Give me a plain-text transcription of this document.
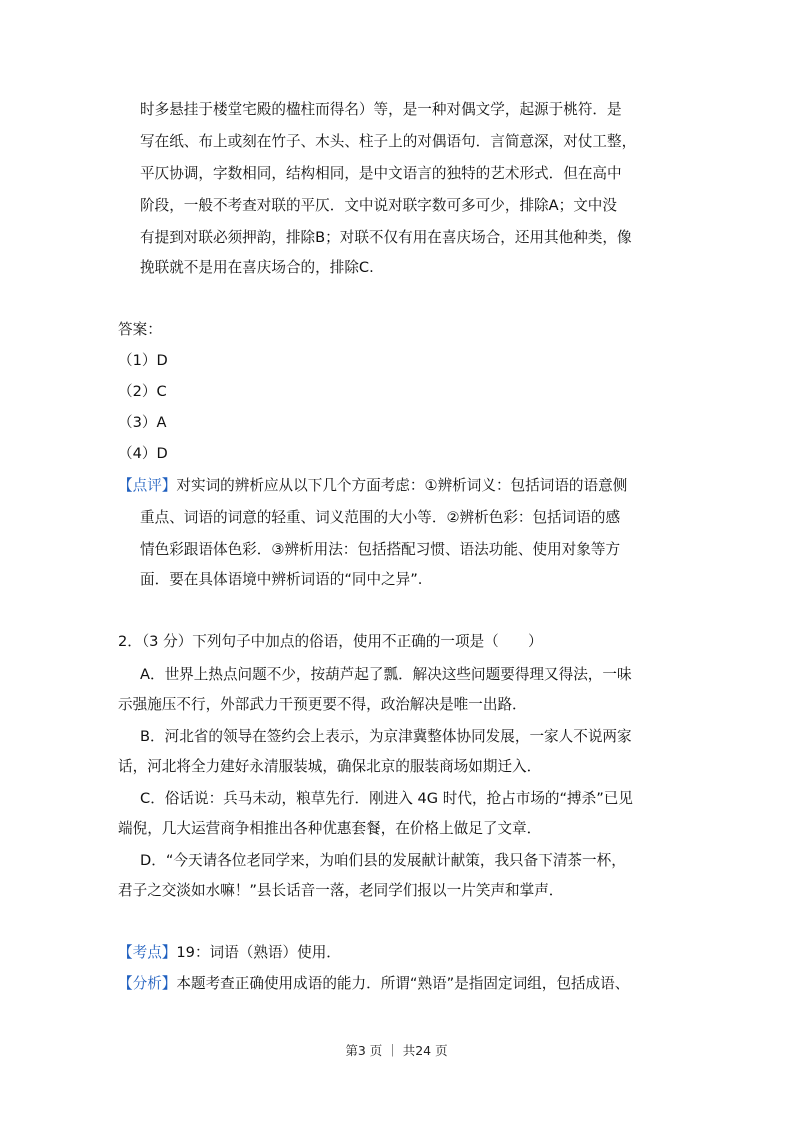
时多悬挂于楼堂宅殿的楹柱而得名）等，是一种对偶文学，起源于桃符．是
写在纸、布上或刻在竹子、木头、柱子上的对偶语句．言简意深，对仗工整，
平仄协调，字数相同，结构相同，是中文语言的独特的艺术形式．但在高中
阶段，一般不考查对联的平仄．文中说对联字数可多可少，排除A；文中没
有提到对联必须押韵，排除B；对联不仅有用在喜庆场合，还用其他种类，像
挽联就不是用在喜庆场合的，排除C.
答案：
（1）D
（2）C
（3）A
（4）D
【点评】对实词的辨析应从以下几个方面考虑：①辨析词义：包括词语的语意侧
重点、词语的词意的轻重、词义范围的大小等．②辨析色彩：包括词语的感
情色彩跟语体色彩．③辨析用法：包括搭配习惯、语法功能、使用对象等方
面．要在具体语境中辨析词语的“同中之异”.
2．（3 分）下列句子中加点的俗语，使用不正确的一项是（　　）
A．世界上热点问题不少，按葫芦起了瓢．解决这些问题要得理又得法，一味
示强施压不行，外部武力干预更要不得，政治解决是唯一出路．
B．河北省的领导在签约会上表示，为京津冀整体协同发展，一家人不说两家
话，河北将全力建好永清服装城，确保北京的服装商场如期迁入．
C．俗话说：兵马未动，粮草先行．刚进入 4G 时代，抢占市场的“搏杀”已见
端倪，几大运营商争相推出各种优惠套餐，在价格上做足了文章．
D．“今天请各位老同学来，为咱们县的发展献计献策，我只备下清茶一杯，
君子之交淡如水嘛！”县长话音一落，老同学们报以一片笑声和掌声．
【考点】19：词语（熟语）使用．
【分析】本题考查正确使用成语的能力．所谓“熟语”是指固定词组，包括成语、
第3 页 ｜ 共24 页
